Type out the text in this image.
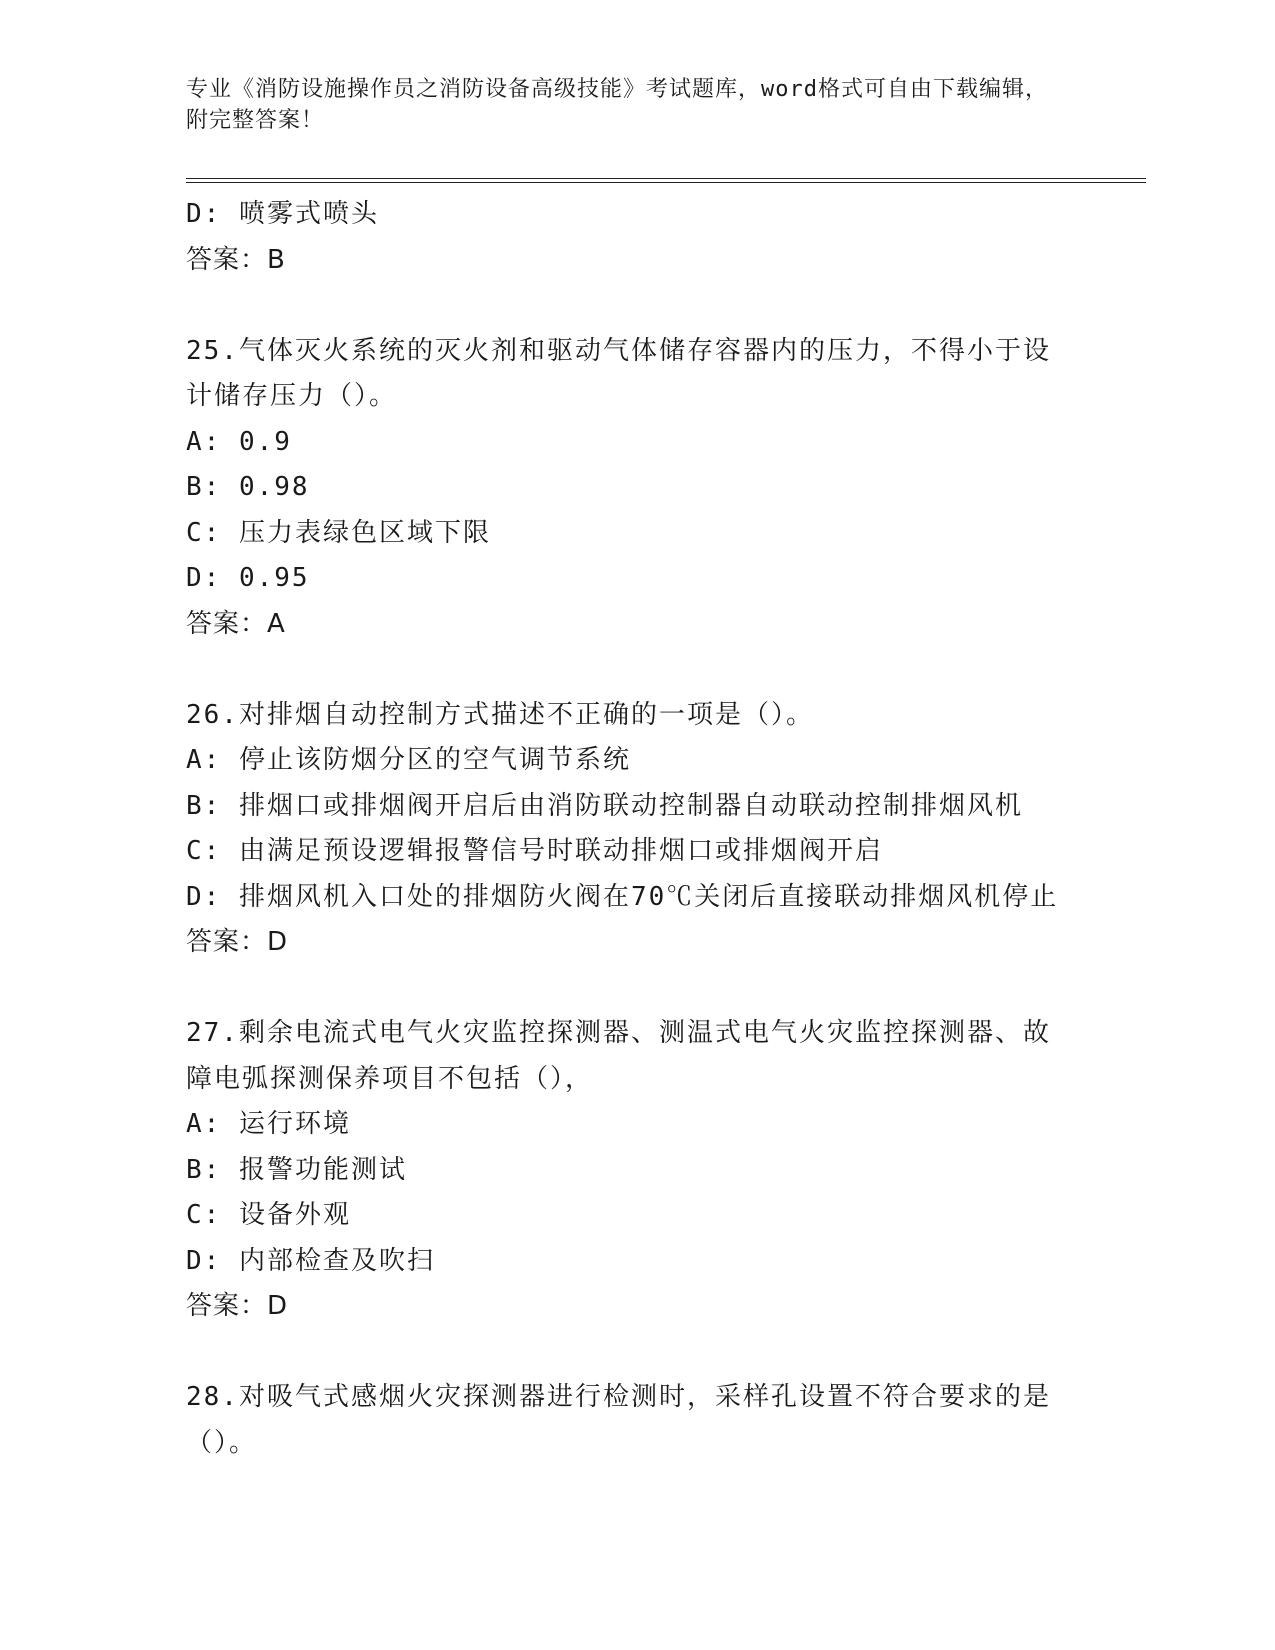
专业《消防设施操作员之消防设备高级技能》考试题库，word格式可自由下载编辑，附完整答案！
D: 喷雾式喷头
答案：B
25.气体灭火系统的灭火剂和驱动气体储存容器内的压力，不得小于设
计储存压力（）。
A: 0.9
B: 0.98
C: 压力表绿色区域下限
D: 0.95
答案：A
26.对排烟自动控制方式描述不正确的一项是（）。
A: 停止该防烟分区的空气调节系统
B: 排烟口或排烟阀开启后由消防联动控制器自动联动控制排烟风机
C: 由满足预设逻辑报警信号时联动排烟口或排烟阀开启
D: 排烟风机入口处的排烟防火阀在70℃关闭后直接联动排烟风机停止
答案：D
27.剩余电流式电气火灾监控探测器、测温式电气火灾监控探测器、故
障电弧探测保养项目不包括（），
A: 运行环境
B: 报警功能测试
C: 设备外观
D: 内部检查及吹扫
答案：D
28.对吸气式感烟火灾探测器进行检测时，采样孔设置不符合要求的是
（）。
